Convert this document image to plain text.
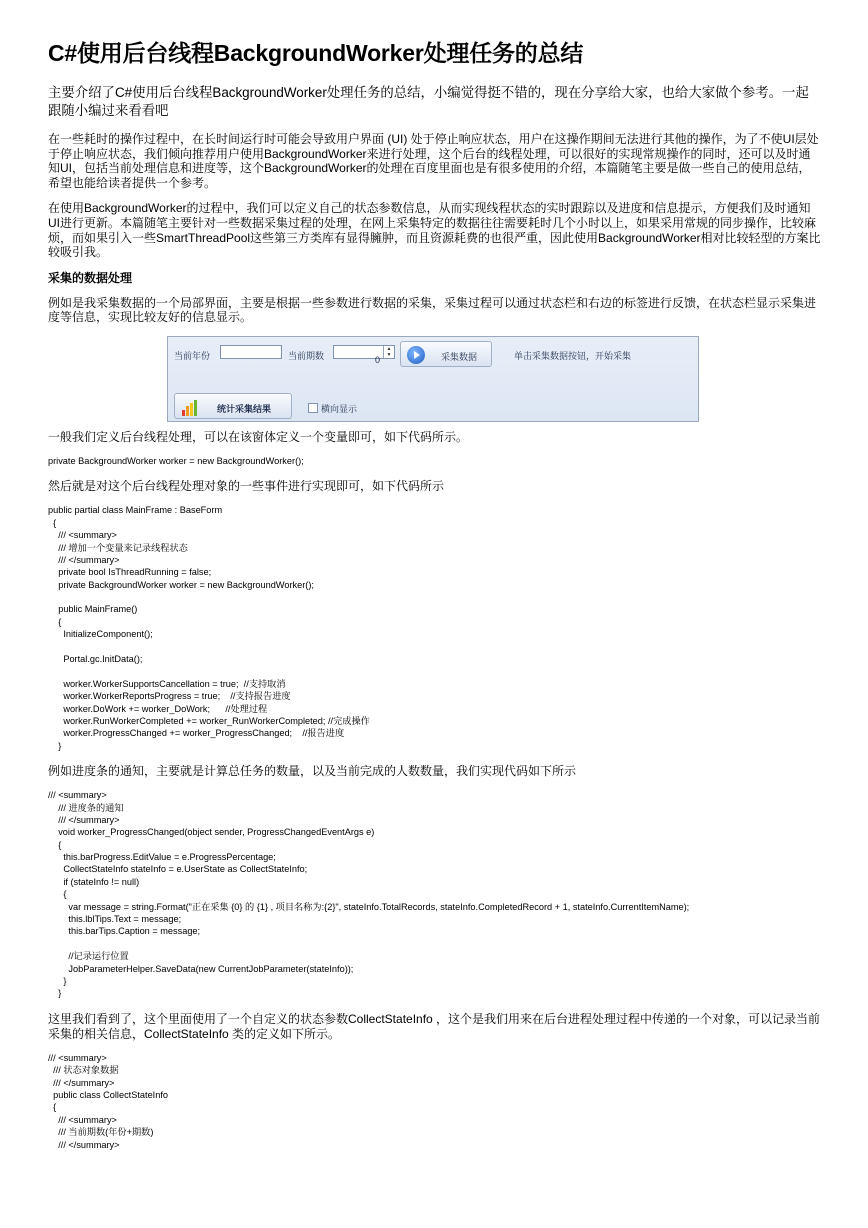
C#使用后台线程BackgroundWorker处理任务的总结
主要介绍了C#使用后台线程BackgroundWorker处理任务的总结，小编觉得挺不错的，现在分享给大家，也给大家做个参考。一起跟随小编过来看看吧

在一些耗时的操作过程中，在长时间运行时可能会导致用户界面 (UI) 处于停止响应状态，用户在这操作期间无法进行其他的操作，为了不使UI层处于停止响应状态，我们倾向推荐用户使用BackgroundWorker来进行处理，这个后台的线程处理，可以很好的实现常规操作的同时，还可以及时通知UI，包括当前处理信息和进度等，这个BackgroundWorker的处理在百度里面也是有很多使用的介绍，本篇随笔主要是做一些自己的使用总结，希望也能给读者提供一个参考。

在使用BackgroundWorker的过程中，我们可以定义自己的状态参数信息，从而实现线程状态的实时跟踪以及进度和信息提示，方便我们及时通知UI进行更新。本篇随笔主要针对一些数据采集过程的处理，在网上采集特定的数据往往需要耗时几个小时以上，如果采用常规的同步操作，比较麻烦，而如果引入一些SmartThreadPool这些第三方类库有显得臃肿，而且资源耗费的也很严重，因此使用BackgroundWorker相对比较轻型的方案比较吸引我。

采集的数据处理

例如是我采集数据的一个局部界面，主要是根据一些参数进行数据的采集，采集过程可以通过状态栏和右边的标签进行反馈，在状态栏显示采集进度等信息，实现比较友好的信息显示。

当前年份	当前期数	0
▲
▼	采集数据	单击采集数据按钮，开始采集
统计采集结果	横向显示
一般我们定义后台线程处理，可以在该窗体定义一个变量即可，如下代码所示。
private BackgroundWorker worker = new BackgroundWorker();
然后就是对这个后台线程处理对象的一些事件进行实现即可，如下代码所示
public partial class MainFrame : BaseForm
{
/// <summary>
/// 增加一个变量来记录线程状态
/// </summary>
private bool IsThreadRunning = false;
private BackgroundWorker worker = new BackgroundWorker();
public MainFrame()
{
InitializeComponent();
Portal.gc.InitData();
worker.WorkerSupportsCancellation = true;  //支持取消
worker.WorkerReportsProgress = true;    //支持报告进度
worker.DoWork += worker_DoWork;      //处理过程
worker.RunWorkerCompleted += worker_RunWorkerCompleted; //完成操作
worker.ProgressChanged += worker_ProgressChanged;    //报告进度
}
例如进度条的通知，主要就是计算总任务的数量，以及当前完成的人数数量，我们实现代码如下所示
/// <summary>
/// 进度条的通知
/// </summary>
void worker_ProgressChanged(object sender, ProgressChangedEventArgs e)
{
this.barProgress.EditValue = e.ProgressPercentage;
CollectStateInfo stateInfo = e.UserState as CollectStateInfo;
if (stateInfo != null)
{
var message = string.Format("正在采集 {0} 的 {1} , 项目名称为:{2}", stateInfo.TotalRecords, stateInfo.CompletedRecord + 1, stateInfo.CurrentItemName);
this.lblTips.Text = message;
this.barTips.Caption = message;
//记录运行位置
JobParameterHelper.SaveData(new CurrentJobParameter(stateInfo));
}
}
这里我们看到了，这个里面使用了一个自定义的状态参数CollectStateInfo ，这个是我们用来在后台进程处理过程中传递的一个对象，可以记录当前采集的相关信息，CollectStateInfo 类的定义如下所示。
/// <summary>
/// 状态对象数据
/// </summary>
public class CollectStateInfo
{
/// <summary>
/// 当前期数(年份+期数)
/// </summary>
